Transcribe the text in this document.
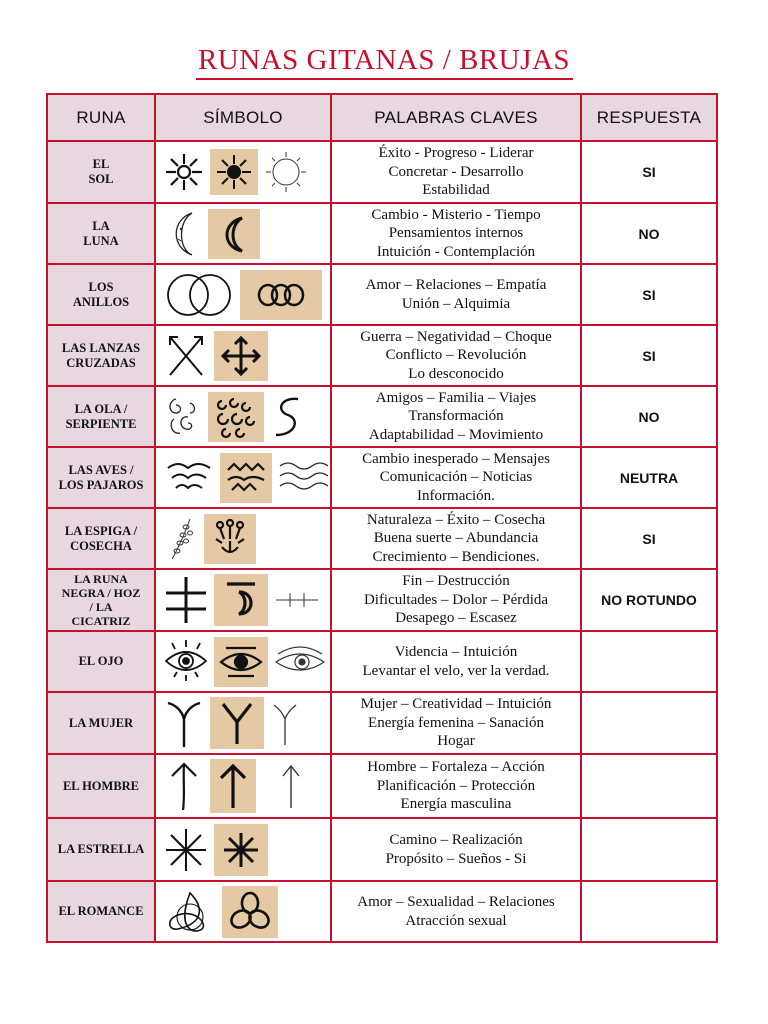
RUNAS GITANAS / BRUJAS
RUNA	SÍMBOLO	PALABRAS CLAVES	RESPUESTA
EL
SOL		Éxito - Progreso - Liderar
Concretar - Desarrollo
Estabilidad	SI
LA
LUNA		Cambio - Misterio - Tiempo
Pensamientos internos
Intuición - Contemplación	NO
LOS
ANILLOS		Amor – Relaciones – Empatía
Unión – Alquimia	SI
LAS LANZAS
CRUZADAS		Guerra – Negatividad – Choque
Conflicto – Revolución
Lo desconocido	SI
LA OLA /
SERPIENTE		Amigos – Familia – Viajes
Transformación
Adaptabilidad – Movimiento	NO
LAS AVES /
LOS PAJAROS		Cambio inesperado – Mensajes
Comunicación – Noticias
Información.	NEUTRA
LA ESPIGA /
COSECHA		Naturaleza – Éxito – Cosecha
Buena suerte – Abundancia
Crecimiento – Bendiciones.	SI
LA RUNA
NEGRA / HOZ
/ LA
CICATRIZ		Fin – Destrucción
Dificultades – Dolor – Pérdida
Desapego – Escasez	NO ROTUNDO
EL OJO		Videncia – Intuición
Levantar el velo, ver la verdad.	
LA MUJER		Mujer – Creatividad – Intuición
Energía femenina – Sanación
Hogar	
EL HOMBRE		Hombre – Fortaleza – Acción
Planificación – Protección
Energía masculina	
LA ESTRELLA		Camino – Realización
Propósito – Sueños - Si	
EL ROMANCE		Amor – Sexualidad – Relaciones
Atracción sexual	
